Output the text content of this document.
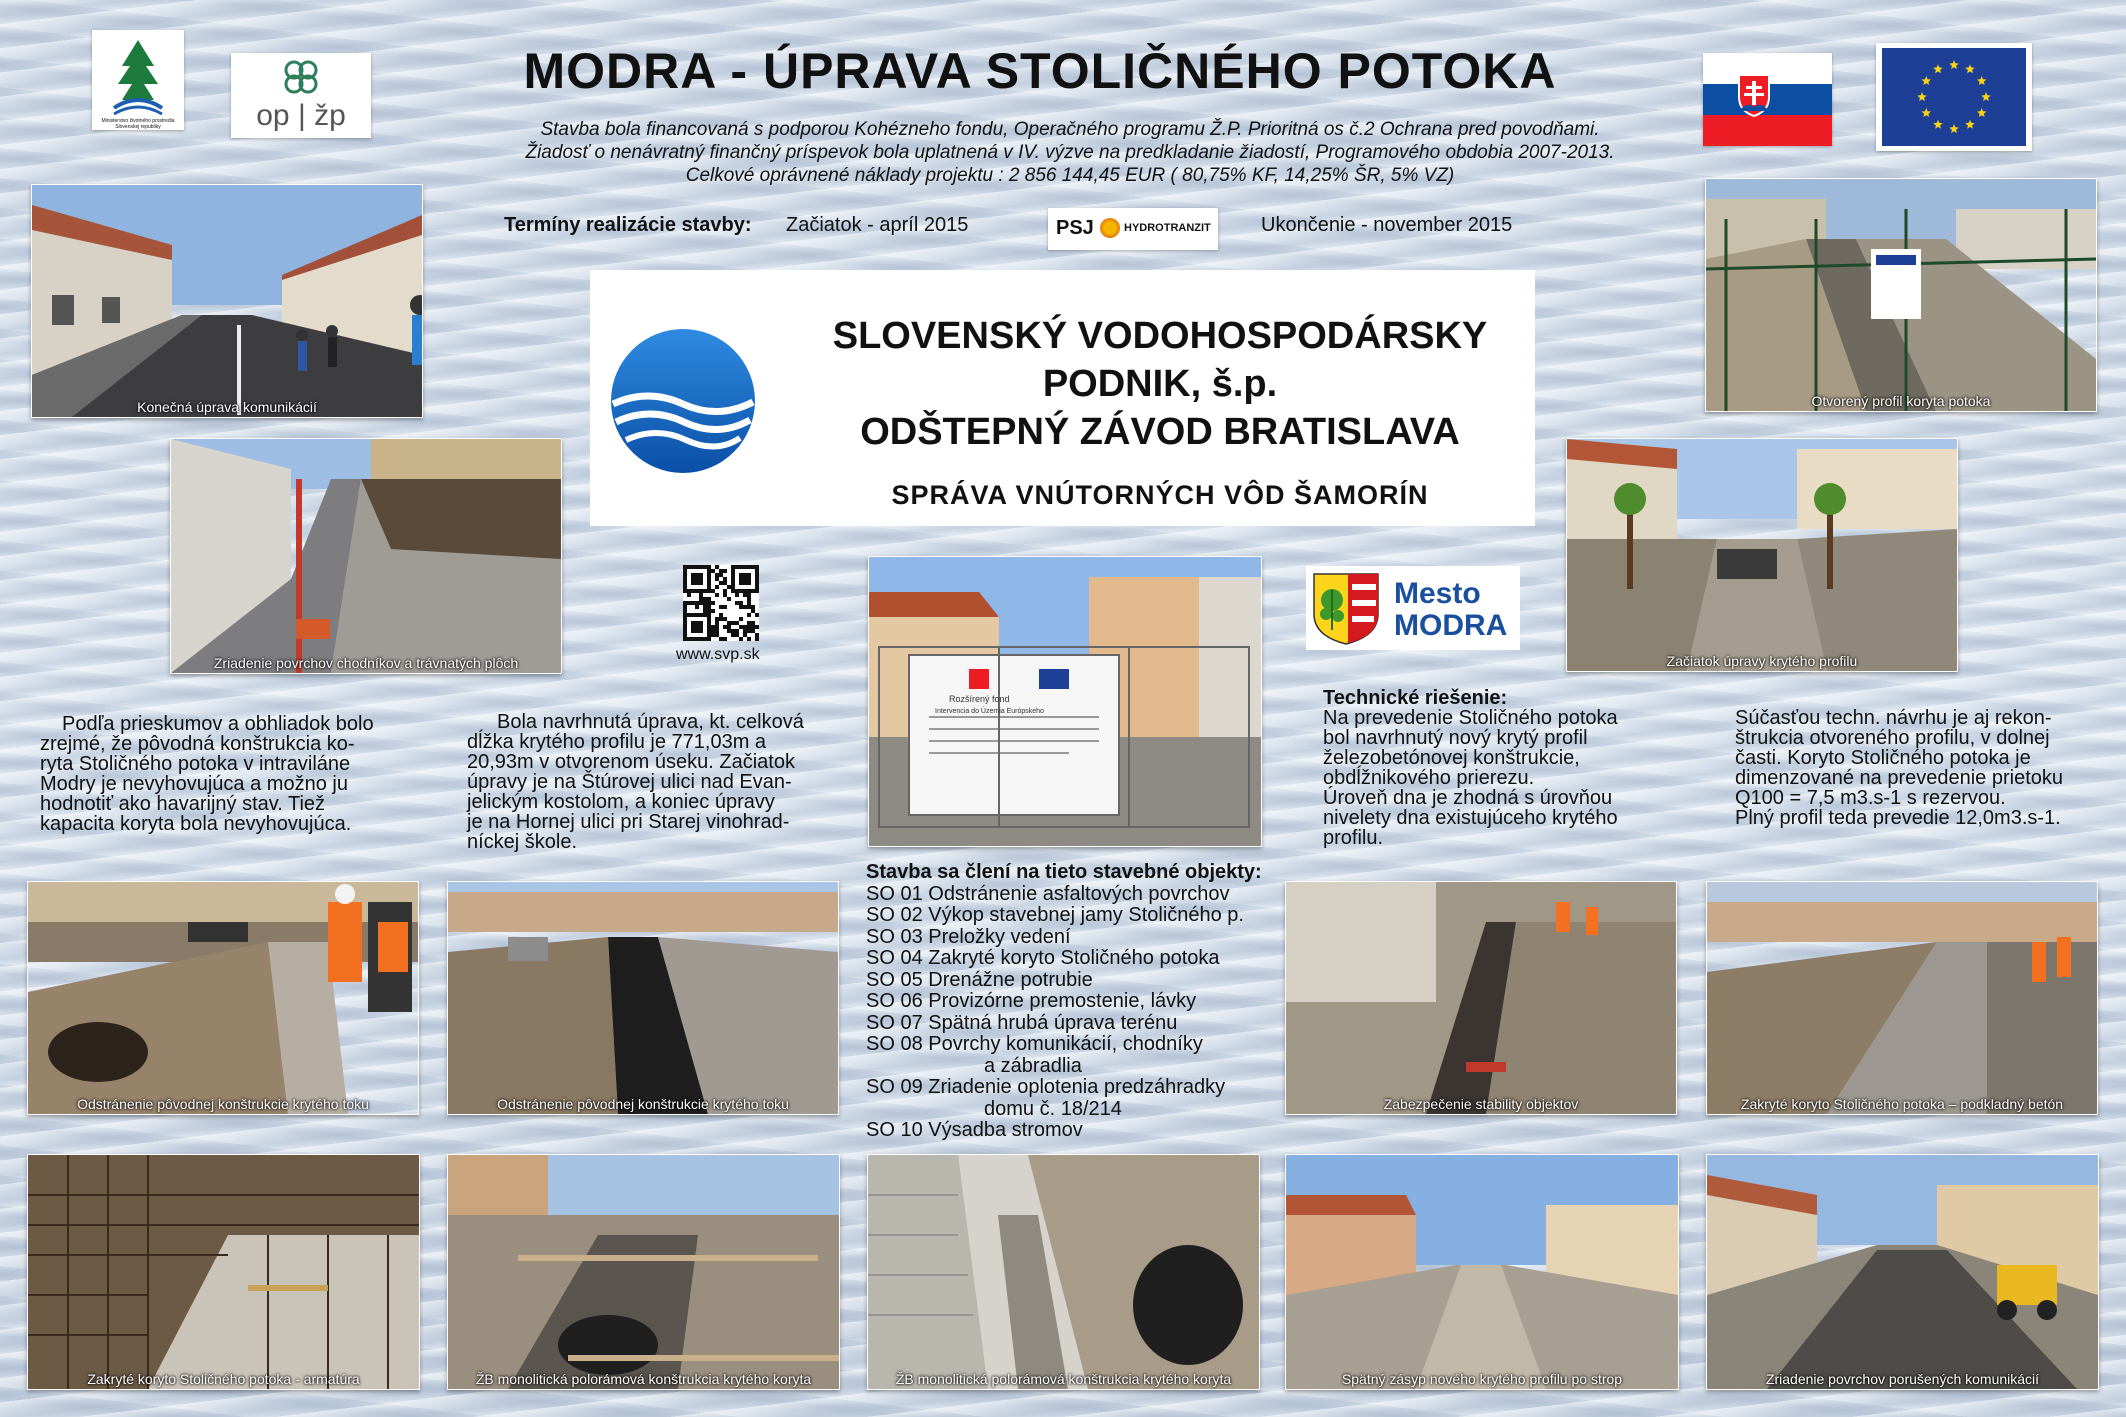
MODRA - ÚPRAVA STOLIČNÉHO POTOKA
Stavba bola financovaná s podporou Kohézneho fondu, Operačného programu Ž.P. Prioritná os č.2 Ochrana pred povodňami.
Žiadosť o nenávratný finančný príspevok bola uplatnená v IV. výzve na predkladanie žiadostí, Programového obdobia 2007-2013.
Celkové oprávnené náklady projektu : 2 856 144,45 EUR ( 80,75% KF, 14,25% ŠR, 5% VZ)
Termíny realizácie stavby: Začiatok - apríl 2015	PSJ	HYDROTRANZIT	Ukončenie - november 2015
Ministerstvo životného prostredia Slovenskej republiky	op | žp
SLOVENSKÝ VODOHOSPODÁRSKY
PODNIK, š.p.
ODŠTEPNÝ ZÁVOD BRATISLAVA
SPRÁVA VNÚTORNÝCH VÔD ŠAMORÍN
www.svp.sk
Mesto
MODRA
Konečná úprava komunikácií
Zriadenie povrchov chodníkov a trávnatých plôch
Otvorený profil koryta potoka
Začiatok úpravy krytého profilu
Rozšírený fond
Intervencia do Územia Európskeho
Odstránenie pôvodnej konštrukcie krytého toku	Odstránenie pôvodnej konštrukcie krytého toku	Zabezpečenie stability objektov	Zakryté koryto Stoličného potoka – podkladný betón
Zakryté koryto Stoličného potoka - armatúra	ŽB monolitická polorámová konštrukcia krytého koryta	ŽB monolitická polorámová konštrukcia krytého koryta	Spätný zásyp nového krytého profilu po strop	Zriadenie povrchov porušených komunikácií
Podľa prieskumov a obhliadok bolo
zrejmé, že pôvodná konštrukcia ko-
ryta Stoličného potoka v intraviláne
Modry je nevyhovujúca a možno ju
hodnotiť ako havarijný stav. Tiež
kapacita koryta bola nevyhovujúca.
Bola navrhnutá úprava, kt. celková
dĺžka krytého profilu je 771,03m a
20,93m v otvorenom úseku. Začiatok
úpravy je na Štúrovej ulici nad Evan-
jelickým kostolom, a koniec úpravy
je na Hornej ulici pri Starej vinohrad-
níckej škole.
Technické riešenie:
Na prevedenie Stoličného potoka
bol navrhnutý nový krytý profil
železobetónovej konštrukcie,
obdĺžnikového prierezu.
Úroveň dna je zhodná s úrovňou
nivelety dna existujúceho krytého
profilu.
Súčasťou techn. návrhu je aj rekon-
štrukcia otvoreného profilu, v dolnej
časti. Koryto Stoličného potoka je
dimenzované na prevedenie prietoku
Q100 = 7,5 m3.s-1 s rezervou.
Plný profil teda prevedie 12,0m3.s-1.
Stavba sa člení na tieto stavebné objekty:
SO 01 Odstránenie asfaltových povrchov
SO 02 Výkop stavebnej jamy Stoličného p.
SO 03 Preložky vedení
SO 04 Zakryté koryto Stoličného potoka
SO 05 Drenážne potrubie
SO 06 Provizórne premostenie, lávky
SO 07 Spätná hrubá úprava terénu
SO 08 Povrchy komunikácií, chodníky
a zábradlia
SO 09 Zriadenie oplotenia predzáhradky
domu č. 18/214
SO 10 Výsadba stromov
